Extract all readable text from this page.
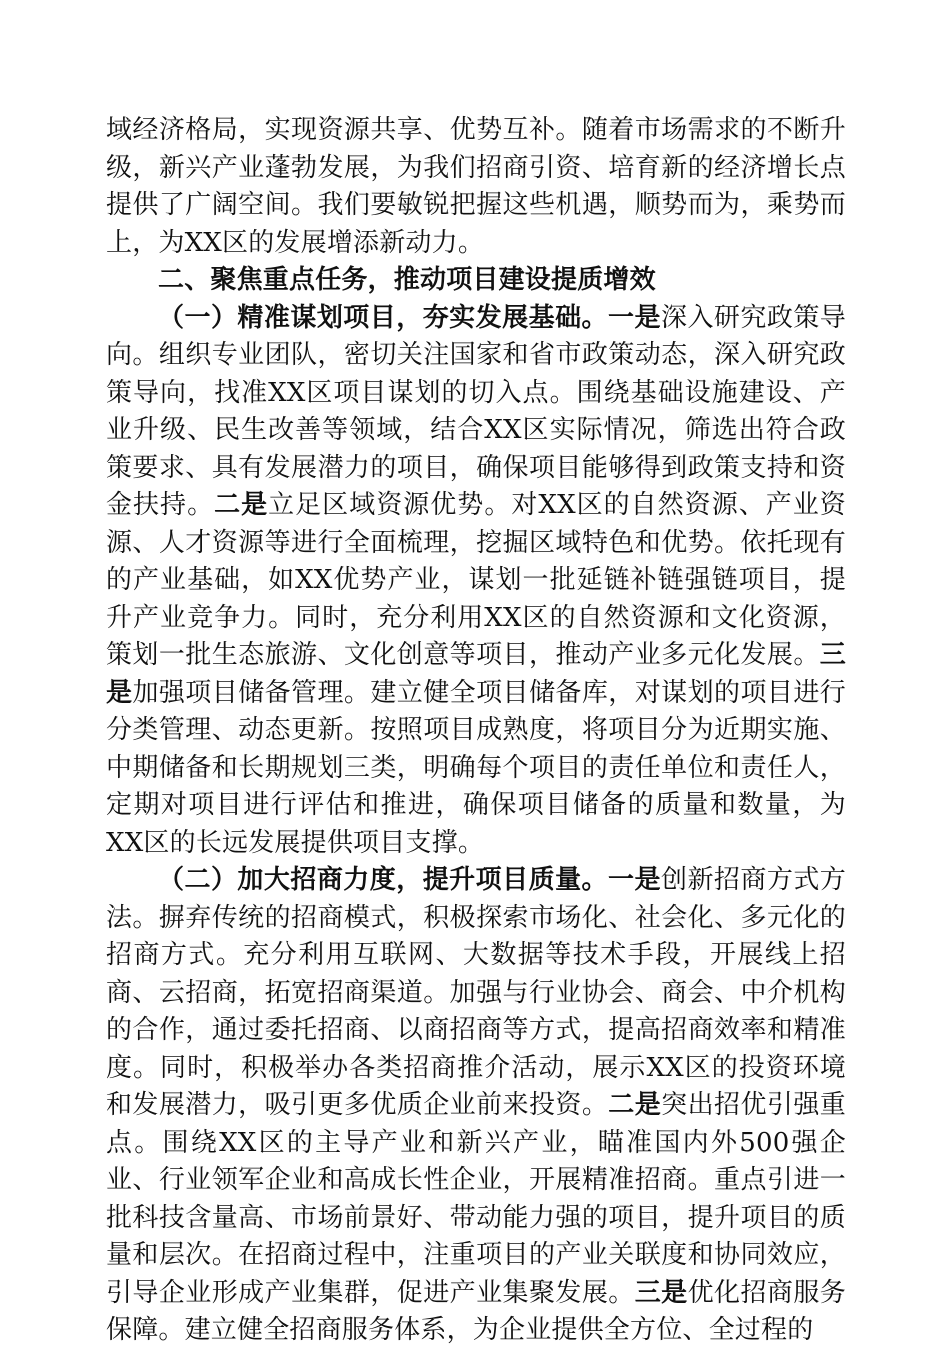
域经济格局，实现资源共享、优势互补。随着市场需求的不断升级，新兴产业蓬勃发展，为我们招商引资、培育新的经济增长点提供了广阔空间。我们要敏锐把握这些机遇，顺势而为，乘势而上，为XX区的发展增添新动力。

二、聚焦重点任务，推动项目建设提质增效

（一）精准谋划项目，夯实发展基础。一是深入研究政策导向。组织专业团队，密切关注国家和省市政策动态，深入研究政策导向，找准XX区项目谋划的切入点。围绕基础设施建设、产业升级、民生改善等领域，结合XX区实际情况，筛选出符合政策要求、具有发展潜力的项目，确保项目能够得到政策支持和资金扶持。二是立足区域资源优势。对XX区的自然资源、产业资源、人才资源等进行全面梳理，挖掘区域特色和优势。依托现有的产业基础，如XX优势产业，谋划一批延链补链强链项目，提升产业竞争力。同时，充分利用XX区的自然资源和文化资源，策划一批生态旅游、文化创意等项目，推动产业多元化发展。三是加强项目储备管理。建立健全项目储备库，对谋划的项目进行分类管理、动态更新。按照项目成熟度，将项目分为近期实施、中期储备和长期规划三类，明确每个项目的责任单位和责任人，定期对项目进行评估和推进，确保项目储备的质量和数量，为XX区的长远发展提供项目支撑。

（二）加大招商力度，提升项目质量。一是创新招商方式方法。摒弃传统的招商模式，积极探索市场化、社会化、多元化的招商方式。充分利用互联网、大数据等技术手段，开展线上招商、云招商，拓宽招商渠道。加强与行业协会、商会、中介机构的合作，通过委托招商、以商招商等方式，提高招商效率和精准度。同时，积极举办各类招商推介活动，展示XX区的投资环境和发展潜力，吸引更多优质企业前来投资。二是突出招优引强重点。围绕XX区的主导产业和新兴产业，瞄准国内外500强企业、行业领军企业和高成长性企业，开展精准招商。重点引进一批科技含量高、市场前景好、带动能力强的项目，提升项目的质量和层次。在招商过程中，注重项目的产业关联度和协同效应，引导企业形成产业集群，促进产业集聚发展。三是优化招商服务保障。建立健全招商服务体系，为企业提供全方位、全过程的
